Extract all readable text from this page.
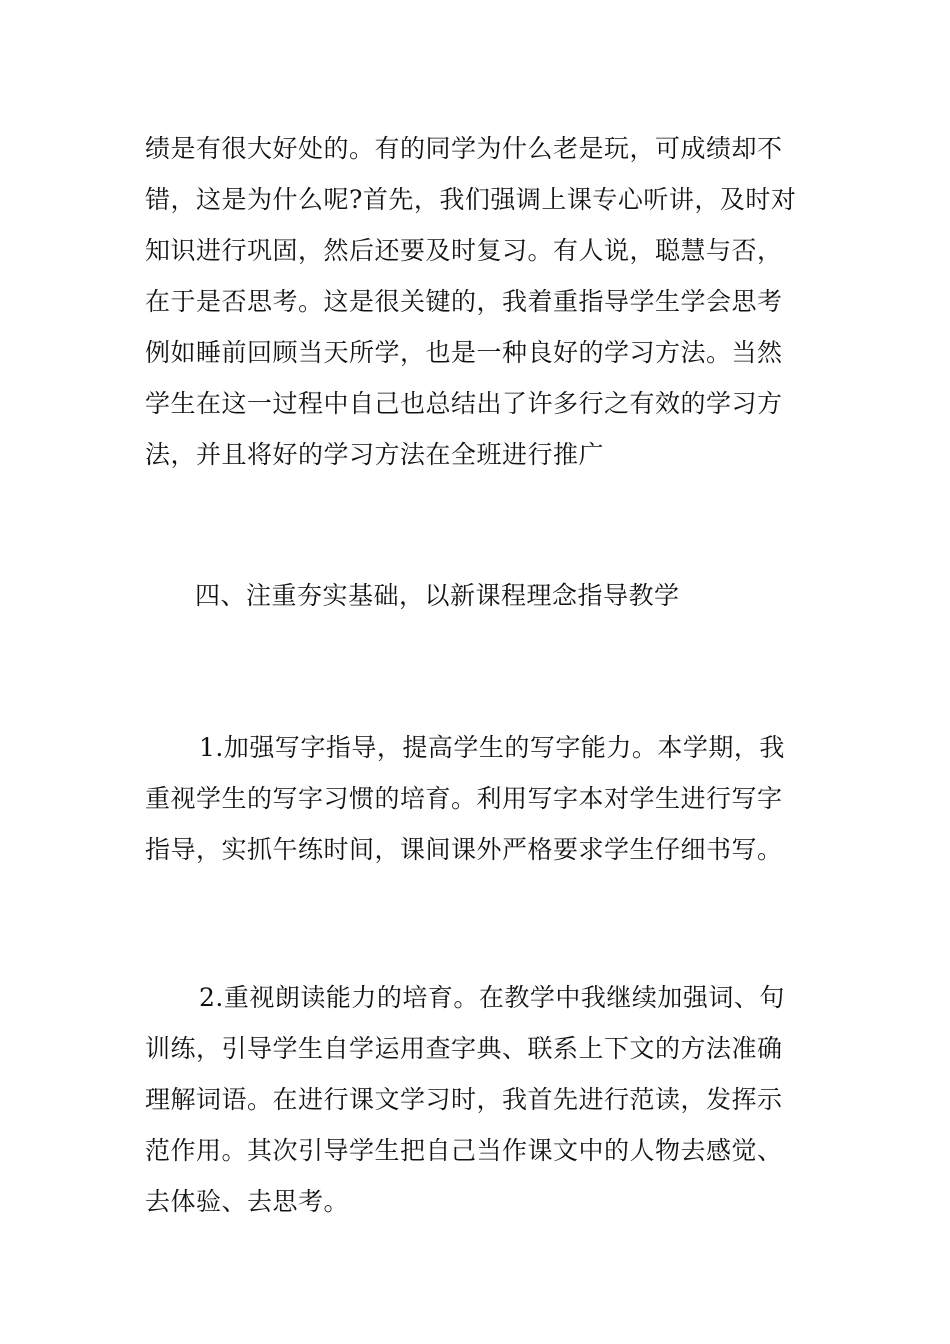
绩是有很大好处的。有的同学为什么老是玩，可成绩却不
错，这是为什么呢?首先，我们强调上课专心听讲，及时对
知识进行巩固，然后还要及时复习。有人说，聪慧与否，
在于是否思考。这是很关键的，我着重指导学生学会思考
例如睡前回顾当天所学，也是一种良好的学习方法。当然
学生在这一过程中自己也总结出了许多行之有效的学习方
法，并且将好的学习方法在全班进行推广
四、注重夯实基础，以新课程理念指导教学
1.加强写字指导，提高学生的写字能力。本学期，我
重视学生的写字习惯的培育。利用写字本对学生进行写字
指导，实抓午练时间，课间课外严格要求学生仔细书写。
2.重视朗读能力的培育。在教学中我继续加强词、句
训练，引导学生自学运用查字典、联系上下文的方法准确
理解词语。在进行课文学习时，我首先进行范读，发挥示
范作用。其次引导学生把自己当作课文中的人物去感觉、
去体验、去思考。
